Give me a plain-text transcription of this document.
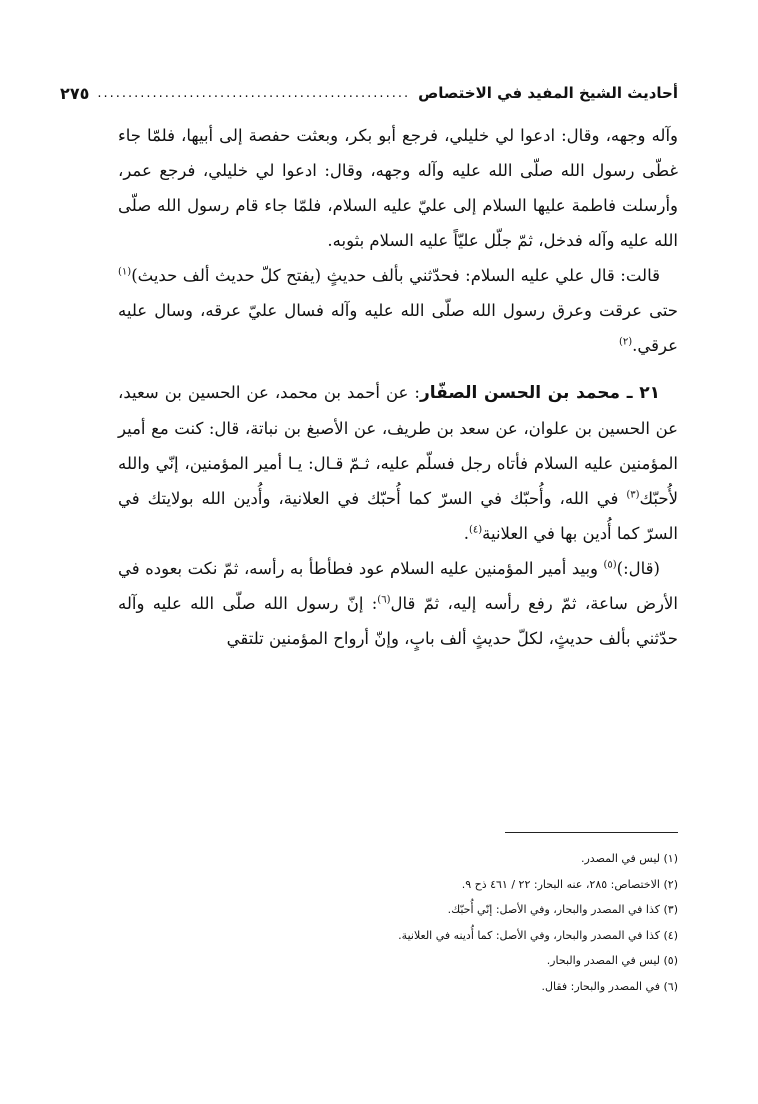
أحاديث الشيخ المفيد في الاختصاص
...................................................
٢٧٥

وآله وجهه، وقال: ادعوا لي خليلي، فرجع أبو بكر، وبعثت حفصة إلى أبيها، فلمّا جاء غطّى رسول الله صلّى الله عليه وآله وجهه، وقال: ادعوا لي خليلي، فرجع عمر، وأرسلت فاطمة عليها السلام إلى عليّ عليه السلام، فلمّا جاء قام رسول الله صلّى الله عليه وآله فدخل، ثمّ جلّل عليّاً عليه السلام بثوبه.

قالت: قال علي عليه السلام: فحدّثني بألف حديثٍ (يفتح كلّ حديث ألف حديث)$^{(١)}$ حتى عرقت وعرق رسول الله صلّى الله عليه وآله فسال عليّ عرقه، وسال عليه عرقي.$^{(٢)}$

٢١ ـ محمد بن الحسن الصفّار: عن أحمد بن محمد، عن الحسين بن سعيد، عن الحسين بن علوان، عن سعد بن طريف، عن الأصبغ بن نباتة، قال: كنت مع أمير المؤمنين عليه السلام فأتاه رجل فسلّم عليه، ثـمّ قـال: يـا أمير المؤمنين، إنّي والله لأُحبّك$^{(٣)}$ في الله، وأُحبّك في السرّ كما أُحبّك في العلانية، وأُدين الله بولايتك في السرّ كما أُدين بها في العلانية$^{(٤)}$.

(قال:)$^{(٥)}$ وبيد أمير المؤمنين عليه السلام عود فطأطأ به رأسه، ثمّ نكت بعوده في الأرض ساعة، ثمّ رفع رأسه إليه، ثمّ قال$^{(٦)}$: إنّ رسول الله صلّى الله عليه وآله حدّثني بألف حديثٍ، لكلّ حديثٍ ألف بابٍ، وإنّ أرواح المؤمنين تلتقي

(١) ليس في المصدر.
(٢) الاختصاص: ٢٨٥، عنه البحار: ٢٢ / ٤٦١ ذح ٩.
(٣) كذا في المصدر والبحار، وفي الأصل: إنّي أُحبّك.
(٤) كذا في المصدر والبحار، وفي الأصل: كما أُدينه في العلانية.
(٥) ليس في المصدر والبحار.
(٦) في المصدر والبحار: فقال.
